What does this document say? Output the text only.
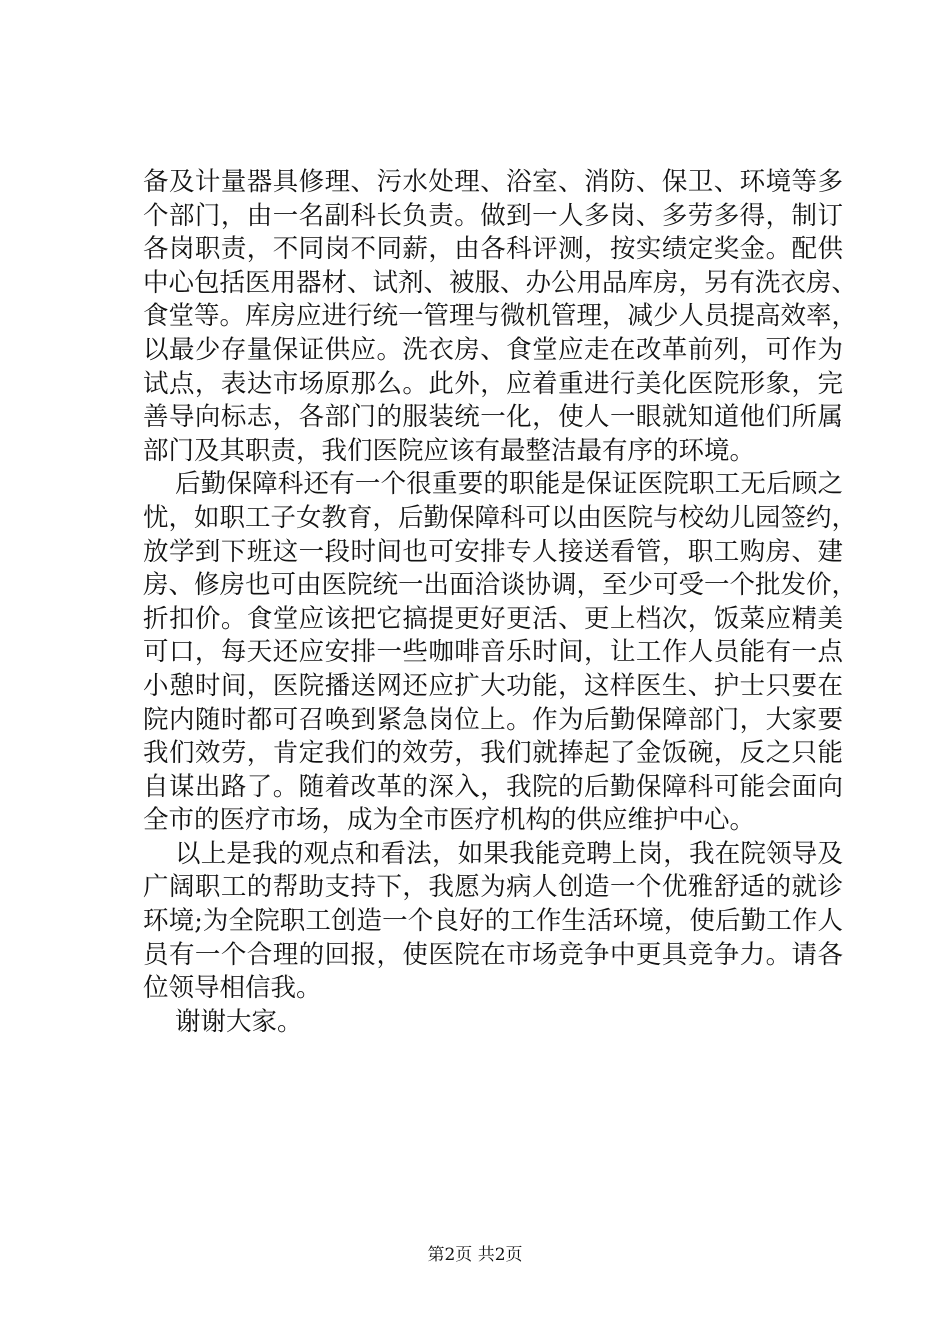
备及计量器具修理、污水处理、浴室、消防、保卫、环境等多
个部门，由一名副科长负责。做到一人多岗、多劳多得，制订
各岗职责，不同岗不同薪，由各科评测，按实绩定奖金。配供
中心包括医用器材、试剂、被服、办公用品库房，另有洗衣房、
食堂等。库房应进行统一管理与微机管理，减少人员提高效率，
以最少存量保证供应。洗衣房、食堂应走在改革前列，可作为
试点，表达市场原那么。此外，应着重进行美化医院形象，完
善导向标志，各部门的服装统一化，使人一眼就知道他们所属
部门及其职责，我们医院应该有最整洁最有序的环境。
后勤保障科还有一个很重要的职能是保证医院职工无后顾之
忧，如职工子女教育，后勤保障科可以由医院与校幼儿园签约，
放学到下班这一段时间也可安排专人接送看管，职工购房、建
房、修房也可由医院统一出面洽谈协调，至少可受一个批发价，
折扣价。食堂应该把它搞提更好更活、更上档次，饭菜应精美
可口，每天还应安排一些咖啡音乐时间，让工作人员能有一点
小憩时间，医院播送网还应扩大功能，这样医生、护士只要在
院内随时都可召唤到紧急岗位上。作为后勤保障部门，大家要
我们效劳，肯定我们的效劳，我们就捧起了金饭碗，反之只能
自谋出路了。随着改革的深入，我院的后勤保障科可能会面向
全市的医疗市场，成为全市医疗机构的供应维护中心。
以上是我的观点和看法，如果我能竞聘上岗，我在院领导及
广阔职工的帮助支持下，我愿为病人创造一个优雅舒适的就诊
环境;为全院职工创造一个良好的工作生活环境，使后勤工作人
员有一个合理的回报，使医院在市场竞争中更具竞争力。请各
位领导相信我。
谢谢大家。
第2页 共2页
